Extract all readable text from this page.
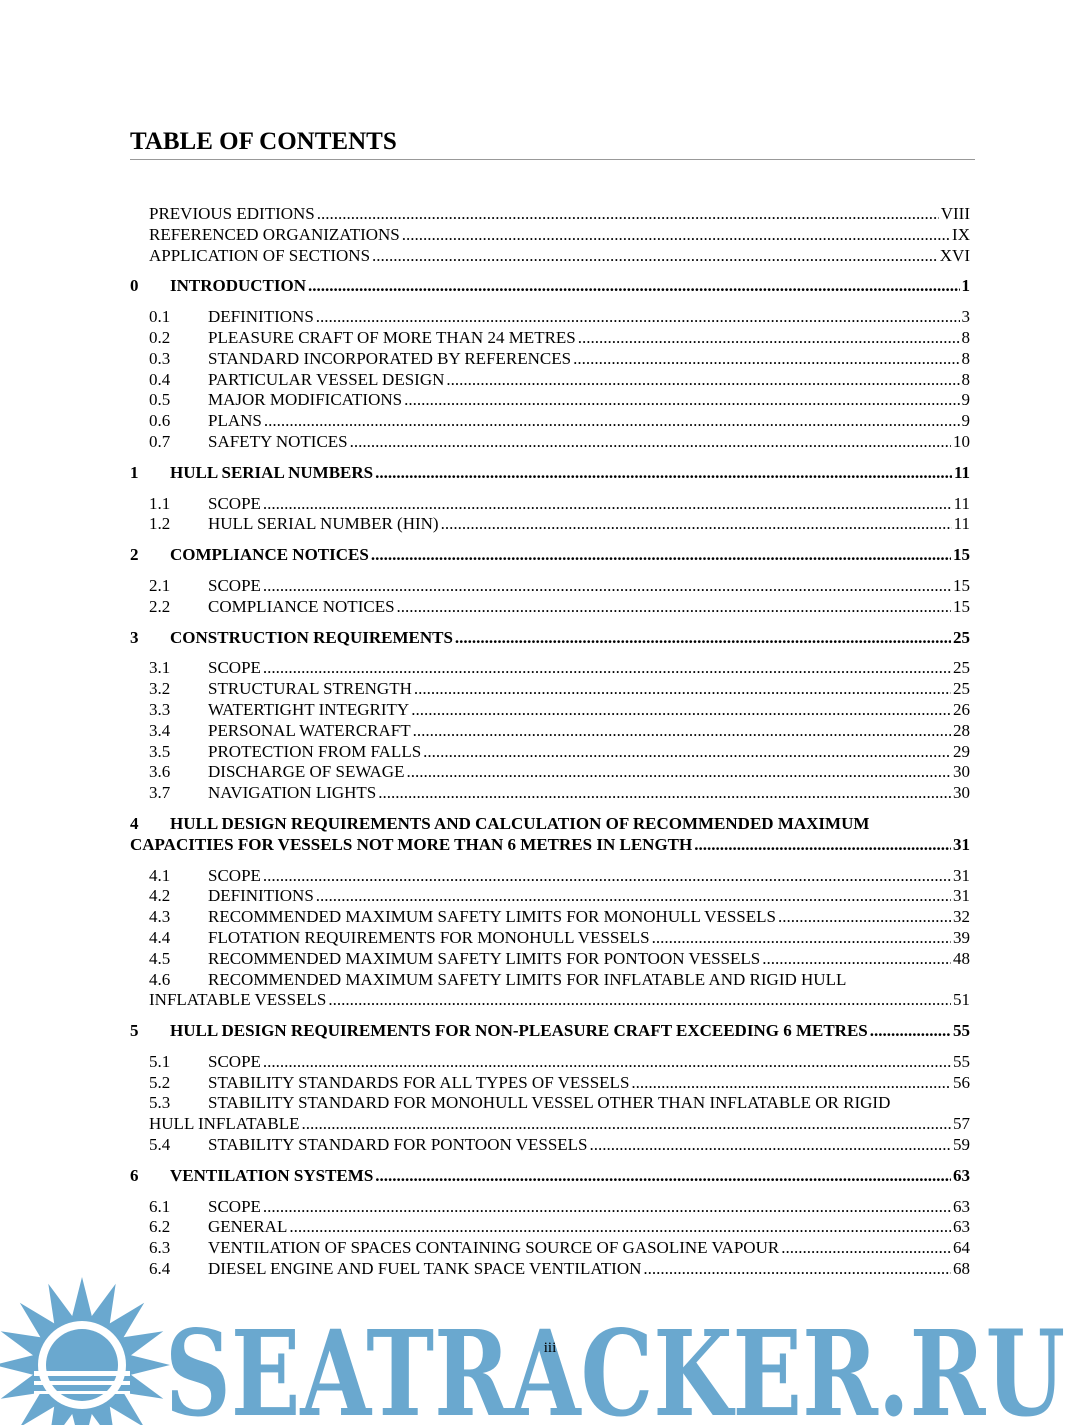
TABLE OF CONTENTS
PREVIOUS EDITIONS .....	VIII
REFERENCED ORGANIZATIONS .....	IX
APPLICATION OF SECTIONS .....	XVI
0	INTRODUCTION .....	1
0.1	DEFINITIONS .....	3
0.2	PLEASURE CRAFT OF MORE THAN 24 METRES .....	8
0.3	STANDARD INCORPORATED BY REFERENCES .....	8
0.4	PARTICULAR VESSEL DESIGN .....	8
0.5	MAJOR MODIFICATIONS .....	9
0.6	PLANS .....	9
0.7	SAFETY NOTICES .....	10
1	HULL SERIAL NUMBERS .....	11
1.1	SCOPE .....	11
1.2	HULL SERIAL NUMBER (HIN) .....	11
2	COMPLIANCE NOTICES .....	15
2.1	SCOPE .....	15
2.2	COMPLIANCE NOTICES .....	15
3	CONSTRUCTION REQUIREMENTS .....	25
3.1	SCOPE .....	25
3.2	STRUCTURAL STRENGTH .....	25
3.3	WATERTIGHT INTEGRITY .....	26
3.4	PERSONAL WATERCRAFT .....	28
3.5	PROTECTION FROM FALLS .....	29
3.6	DISCHARGE OF SEWAGE .....	30
3.7	NAVIGATION LIGHTS .....	30
4 HULL DESIGN REQUIREMENTS AND CALCULATION OF RECOMMENDED MAXIMUM
CAPACITIES FOR VESSELS NOT MORE THAN 6 METRES IN LENGTH .....	31
4.1	SCOPE .....	31
4.2	DEFINITIONS .....	31
4.3	RECOMMENDED MAXIMUM SAFETY LIMITS FOR MONOHULL VESSELS .....	32
4.4	FLOTATION REQUIREMENTS FOR MONOHULL VESSELS .....	39
4.5	RECOMMENDED MAXIMUM SAFETY LIMITS FOR PONTOON VESSELS .....	48
4.6 RECOMMENDED MAXIMUM SAFETY LIMITS FOR INFLATABLE AND RIGID HULL
INFLATABLE VESSELS .....	51
5	HULL DESIGN REQUIREMENTS FOR NON-PLEASURE CRAFT EXCEEDING 6 METRES .....	55
5.1	SCOPE .....	55
5.2	STABILITY STANDARDS FOR ALL TYPES OF VESSELS .....	56
5.3 STABILITY STANDARD FOR MONOHULL VESSEL OTHER THAN INFLATABLE OR RIGID
HULL INFLATABLE .....	57
5.4	STABILITY STANDARD FOR PONTOON VESSELS .....	59
6	VENTILATION SYSTEMS .....	63
6.1	SCOPE .....	63
6.2	GENERAL .....	63
6.3	VENTILATION OF SPACES CONTAINING SOURCE OF GASOLINE VAPOUR .....	64
6.4	DIESEL ENGINE AND FUEL TANK SPACE VENTILATION .....	68
SEATRACKER.RU
iii
